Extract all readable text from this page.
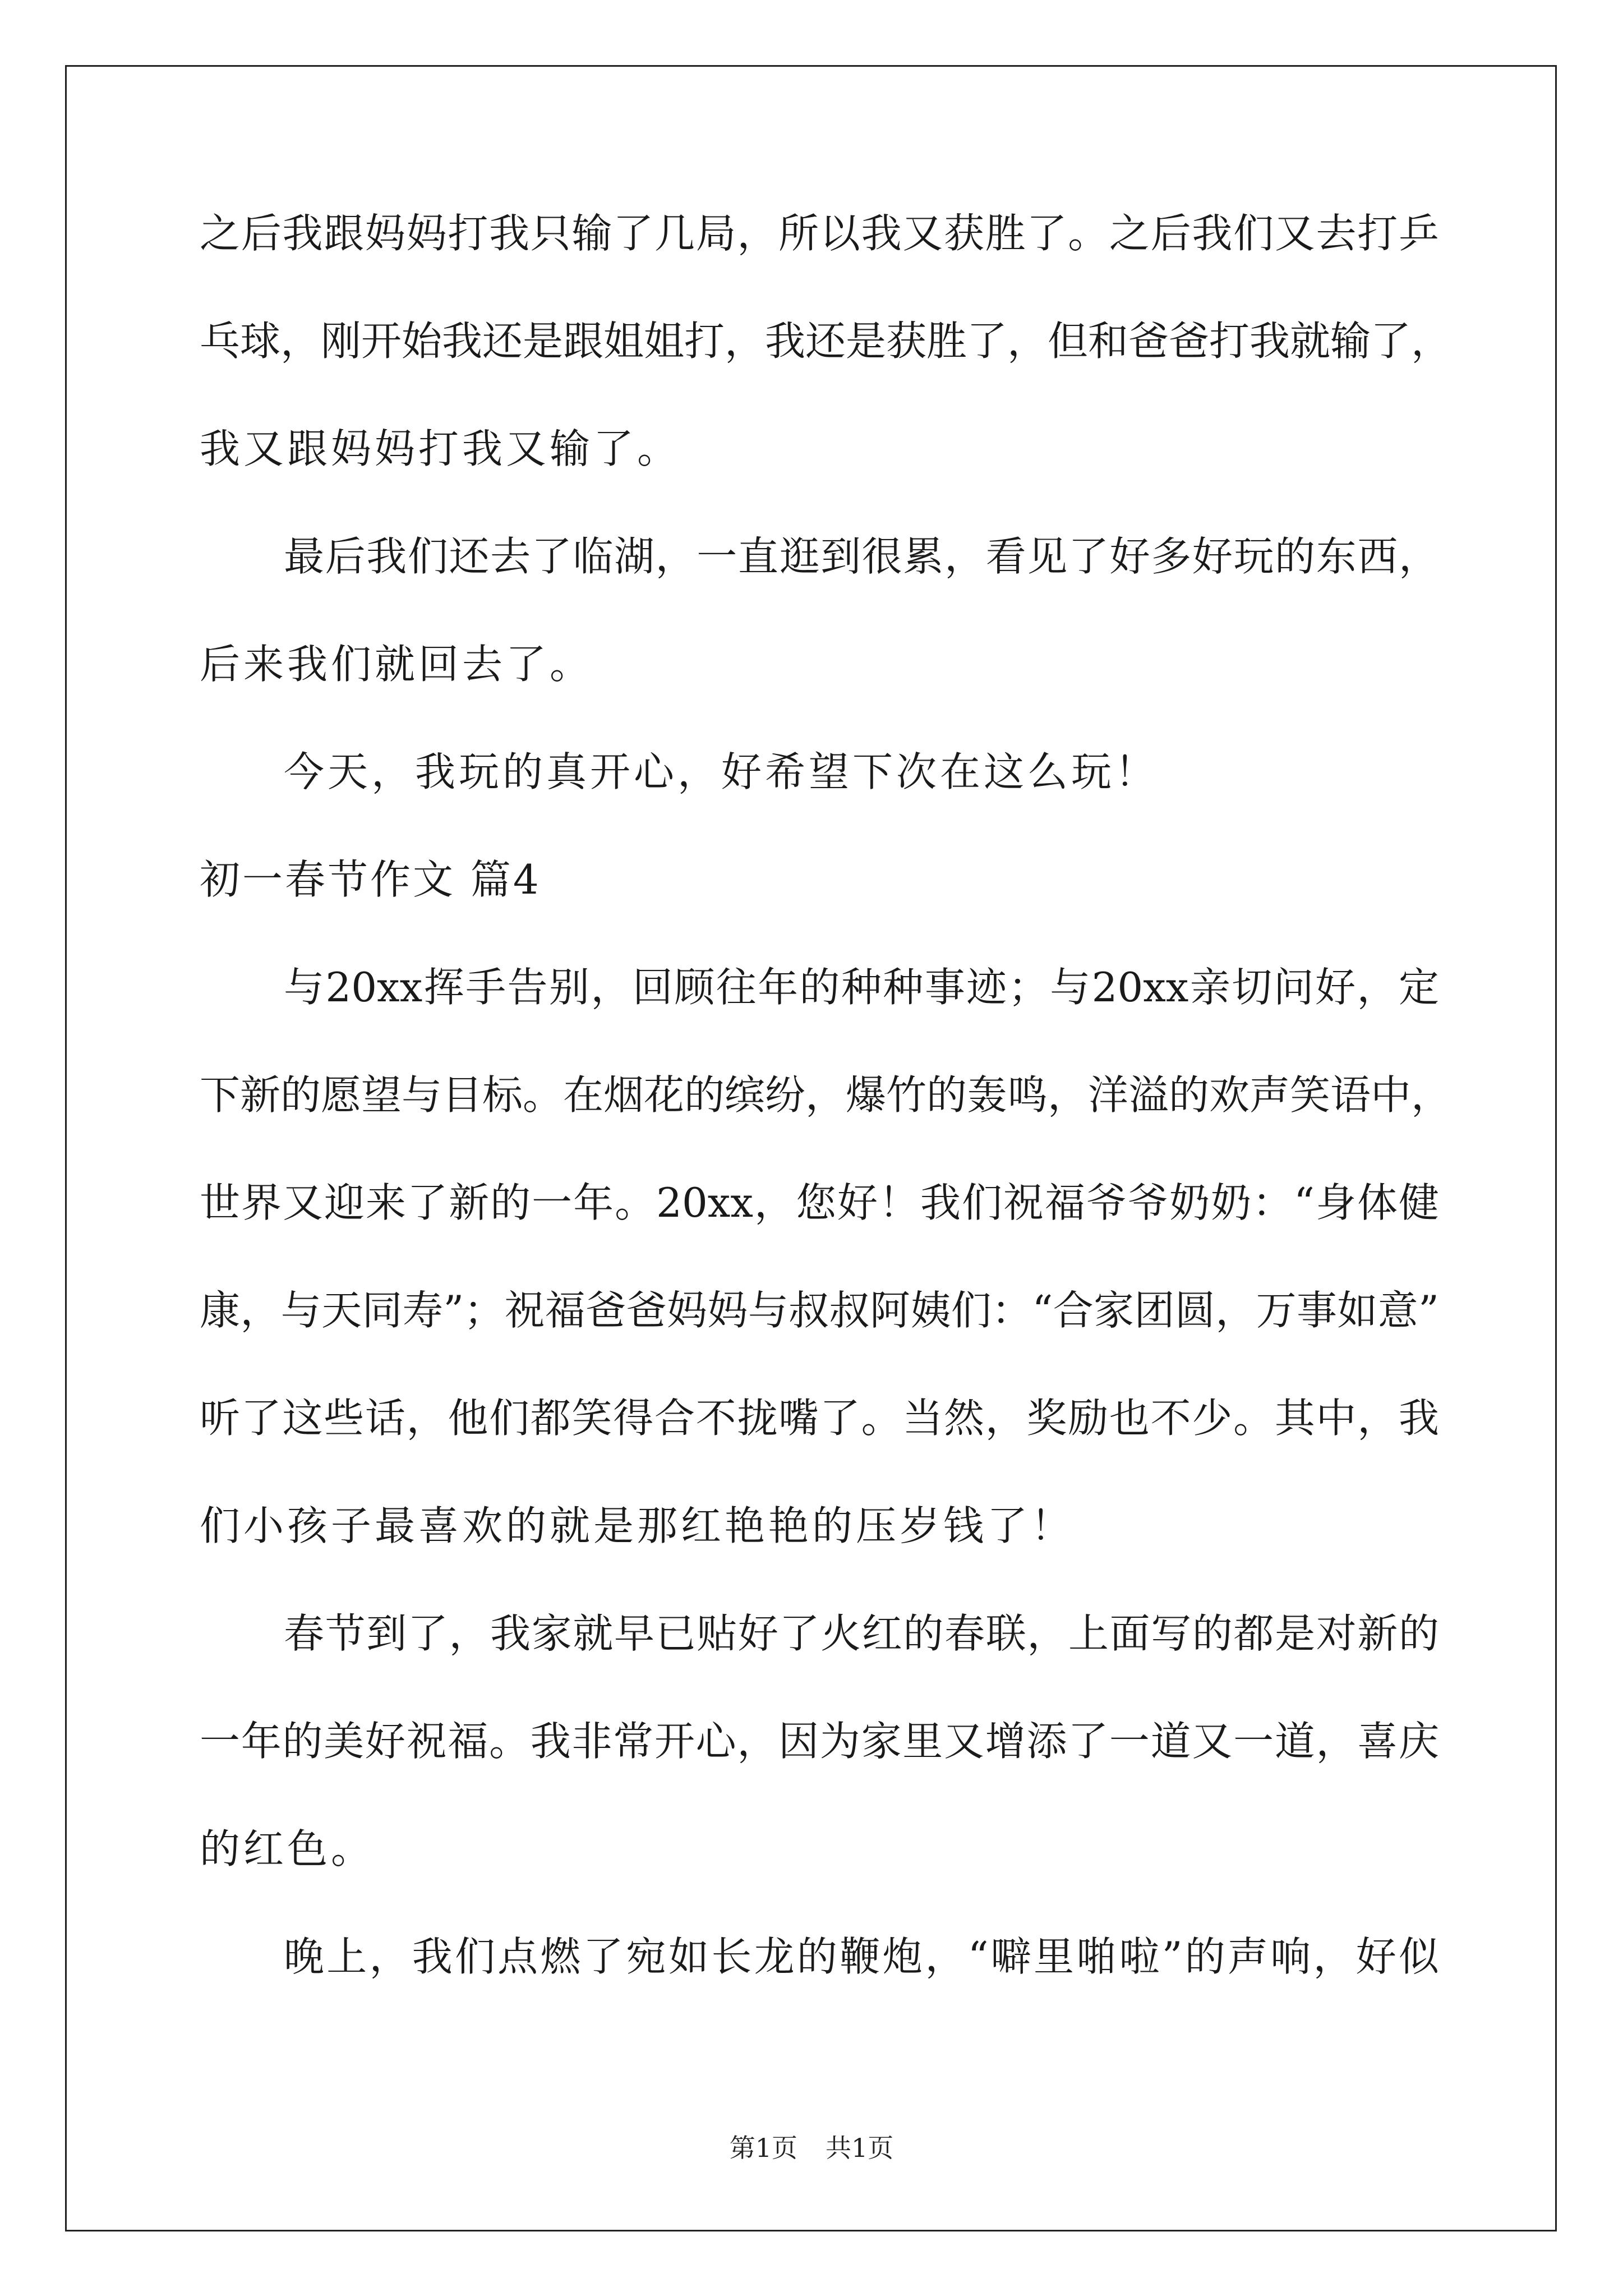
之后我跟妈妈打我只输了几局，所以我又获胜了。之后我们又去打乒
乓球，刚开始我还是跟姐姐打，我还是获胜了，但和爸爸打我就输了，
我又跟妈妈打我又输了。
最后我们还去了临湖，一直逛到很累，看见了好多好玩的东西，
后来我们就回去了。
今天，我玩的真开心，好希望下次在这么玩！
初一春节作文 篇4
与20xx挥手告别，回顾往年的种种事迹；与20xx亲切问好，定
下新的愿望与目标。在烟花的缤纷，爆竹的轰鸣，洋溢的欢声笑语中，
世界又迎来了新的一年。20xx，您好！我们祝福爷爷奶奶：“身体健
康，与天同寿”；祝福爸爸妈妈与叔叔阿姨们：“合家团圆，万事如意”
听了这些话，他们都笑得合不拢嘴了。当然，奖励也不少。其中，我
们小孩子最喜欢的就是那红艳艳的压岁钱了！
春节到了，我家就早已贴好了火红的春联，上面写的都是对新的
一年的美好祝福。我非常开心，因为家里又增添了一道又一道，喜庆
的红色。
晚上，我们点燃了宛如长龙的鞭炮，“噼里啪啦”的声响，好似
第1页 共1页
